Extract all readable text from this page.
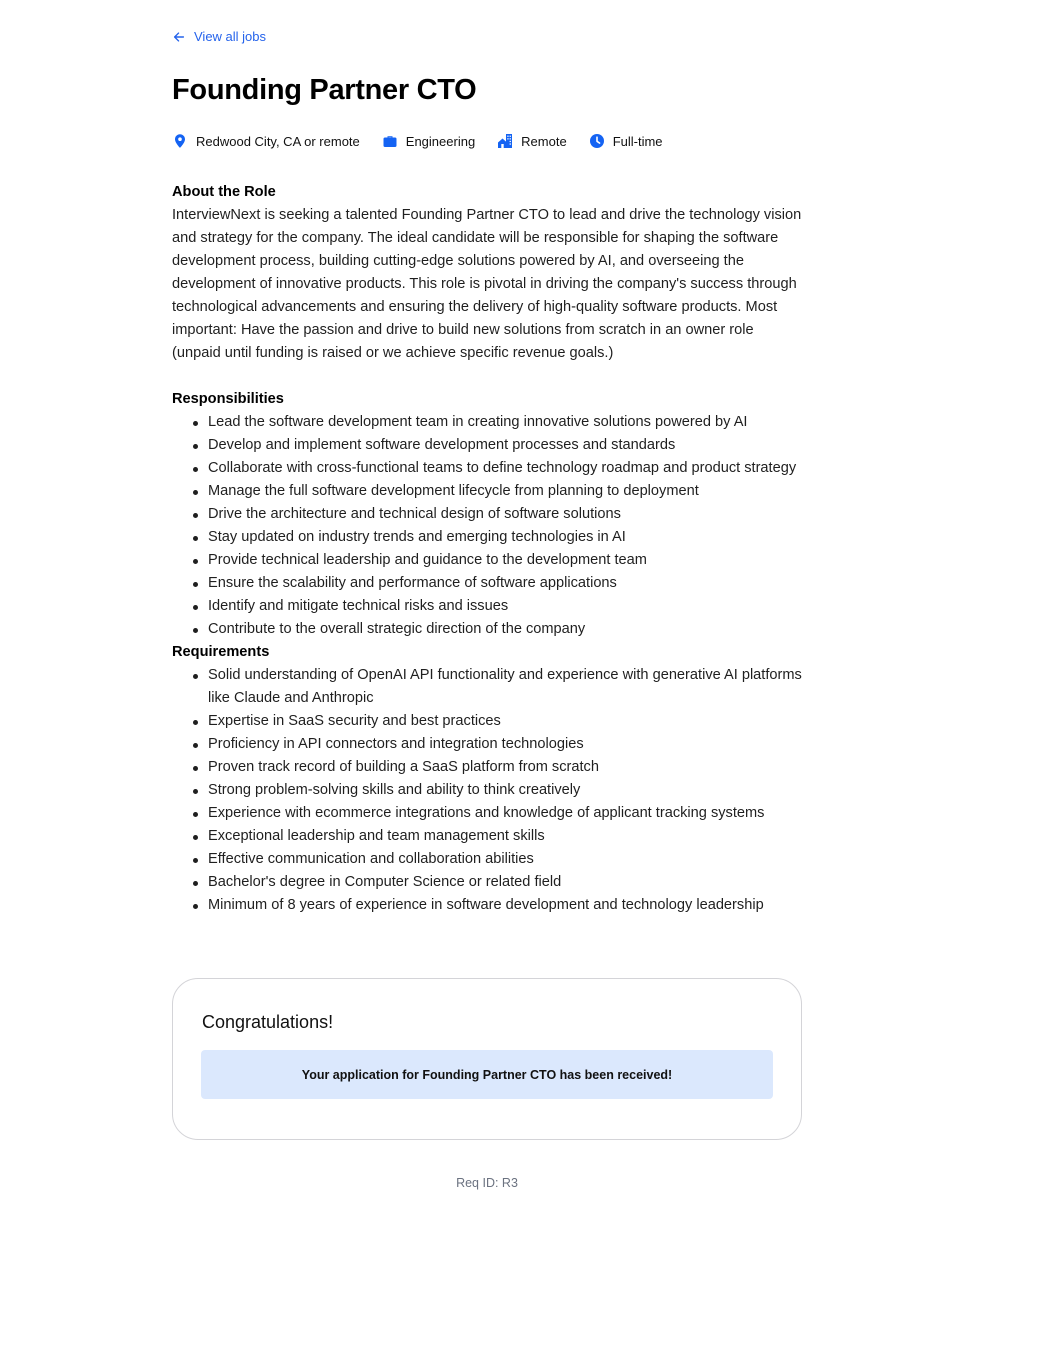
View all jobs
Founding Partner CTO
Redwood City, CA or remote	Engineering	Remote	Full-time
About the Role

InterviewNext is seeking a talented Founding Partner CTO to lead and drive the technology vision and strategy for the company. The ideal candidate will be responsible for shaping the software development process, building cutting-edge solutions powered by AI, and overseeing the development of innovative products. This role is pivotal in driving the company's success through technological advancements and ensuring the delivery of high-quality software products. Most important: Have the passion and drive to build new solutions from scratch in an owner role (unpaid until funding is raised or we achieve specific revenue goals.)

Responsibilities
Lead the software development team in creating innovative solutions powered by AI
Develop and implement software development processes and standards
Collaborate with cross-functional teams to define technology roadmap and product strategy
Manage the full software development lifecycle from planning to deployment
Drive the architecture and technical design of software solutions
Stay updated on industry trends and emerging technologies in AI
Provide technical leadership and guidance to the development team
Ensure the scalability and performance of software applications
Identify and mitigate technical risks and issues
Contribute to the overall strategic direction of the company
Requirements
Solid understanding of OpenAI API functionality and experience with generative AI platforms like Claude and Anthropic
Expertise in SaaS security and best practices
Proficiency in API connectors and integration technologies
Proven track record of building a SaaS platform from scratch
Strong problem-solving skills and ability to think creatively
Experience with ecommerce integrations and knowledge of applicant tracking systems
Exceptional leadership and team management skills
Effective communication and collaboration abilities
Bachelor's degree in Computer Science or related field
Minimum of 8 years of experience in software development and technology leadership
Congratulations!
Your application for Founding Partner CTO has been received!
Req ID: R3
